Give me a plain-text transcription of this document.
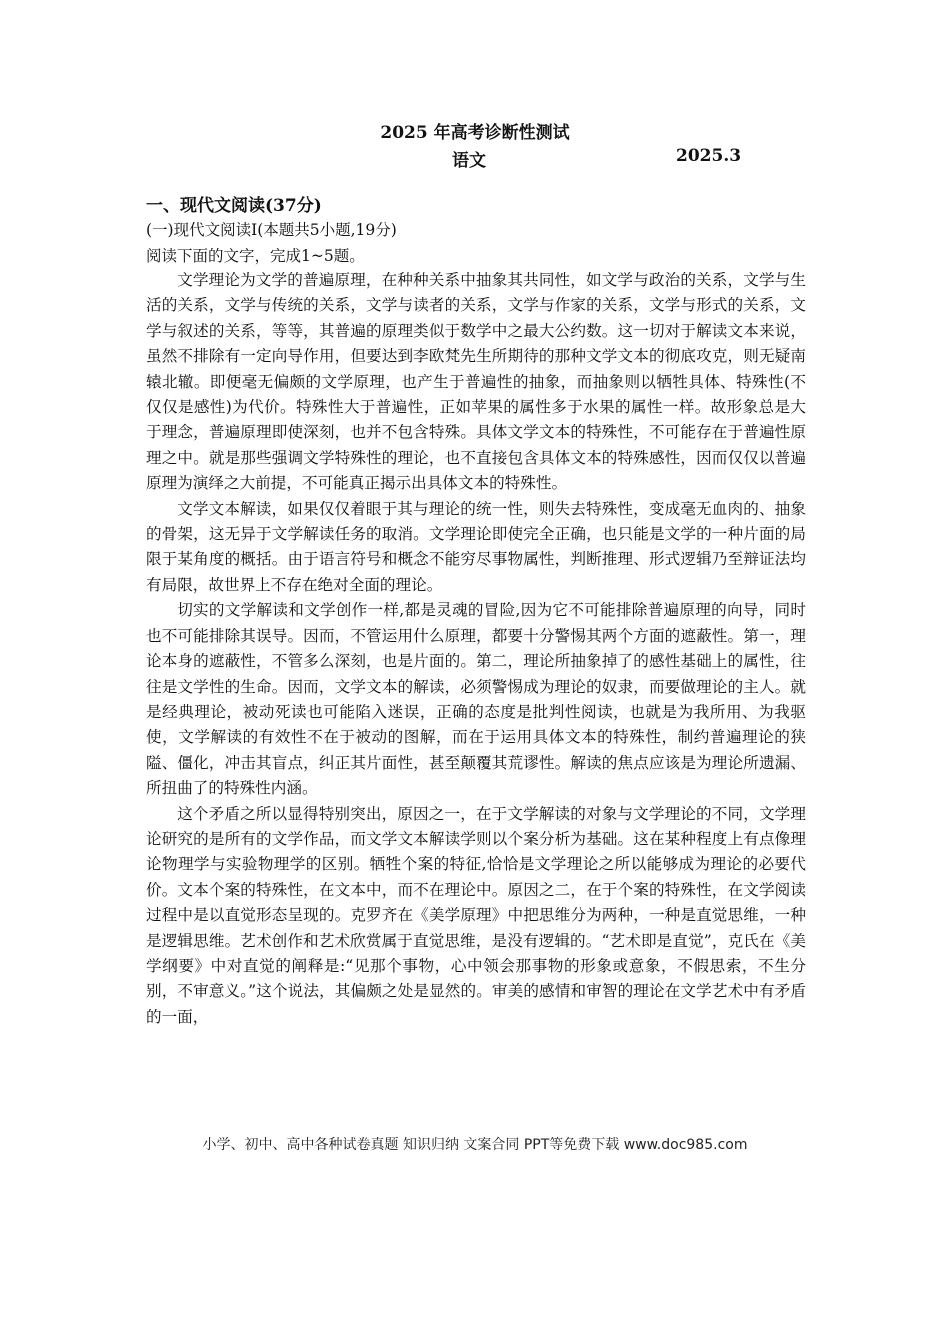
2025 年高考诊断性测试
语文	2025.3
一、现代文阅读(37分)
(一)现代文阅读Ⅰ(本题共5小题,19分)
阅读下面的文字，完成1~5题。

文学理论为文学的普遍原理，在种种关系中抽象其共同性，如文学与政治的关系，文学与生活的关系，文学与传统的关系，文学与读者的关系，文学与作家的关系，文学与形式的关系，文学与叙述的关系，等等，其普遍的原理类似于数学中之最大公约数。这一切对于解读文本来说，虽然不排除有一定向导作用，但要达到李欧梵先生所期待的那种文学文本的彻底攻克，则无疑南辕北辙。即便毫无偏颇的文学原理，也产生于普遍性的抽象，而抽象则以牺牲具体、特殊性(不仅仅是感性)为代价。特殊性大于普遍性，正如苹果的属性多于水果的属性一样。故形象总是大于理念，普遍原理即使深刻，也并不包含特殊。具体文学文本的特殊性，不可能存在于普遍性原理之中。就是那些强调文学特殊性的理论，也不直接包含具体文本的特殊感性，因而仅仅以普遍原理为演绎之大前提，不可能真正揭示出具体文本的特殊性。

文学文本解读，如果仅仅着眼于其与理论的统一性，则失去特殊性，变成毫无血肉的、抽象的骨架，这无异于文学解读任务的取消。文学理论即使完全正确，也只能是文学的一种片面的局限于某角度的概括。由于语言符号和概念不能穷尽事物属性，判断推理、形式逻辑乃至辩证法均有局限，故世界上不存在绝对全面的理论。

切实的文学解读和文学创作一样,都是灵魂的冒险,因为它不可能排除普遍原理的向导，同时也不可能排除其误导。因而，不管运用什么原理，都要十分警惕其两个方面的遮蔽性。第一，理论本身的遮蔽性，不管多么深刻，也是片面的。第二，理论所抽象掉了的感性基础上的属性，往往是文学性的生命。因而，文学文本的解读，必须警惕成为理论的奴隶，而要做理论的主人。就是经典理论，被动死读也可能陷入迷误，正确的态度是批判性阅读，也就是为我所用、为我驱使，文学解读的有效性不在于被动的图解，而在于运用具体文本的特殊性，制约普遍理论的狭隘、僵化，冲击其盲点，纠正其片面性，甚至颠覆其荒谬性。解读的焦点应该是为理论所遗漏、所扭曲了的特殊性内涵。

这个矛盾之所以显得特别突出，原因之一，在于文学解读的对象与文学理论的不同，文学理论研究的是所有的文学作品，而文学文本解读学则以个案分析为基础。这在某种程度上有点像理论物理学与实验物理学的区别。牺牲个案的特征,恰恰是文学理论之所以能够成为理论的必要代价。文本个案的特殊性，在文本中，而不在理论中。原因之二，在于个案的特殊性，在文学阅读过程中是以直觉形态呈现的。克罗齐在《美学原理》中把思维分为两种，一种是直觉思维，一种是逻辑思维。艺术创作和艺术欣赏属于直觉思维，是没有逻辑的。“艺术即是直觉”，克氏在《美学纲要》中对直觉的阐释是:“见那个事物，心中领会那事物的形象或意象，不假思索，不生分别，不审意义。”这个说法，其偏颇之处是显然的。审美的感情和审智的理论在文学艺术中有矛盾的一面，

小学、初中、高中各种试卷真题 知识归纳 文案合同 PPT等免费下载 www.doc985.com
